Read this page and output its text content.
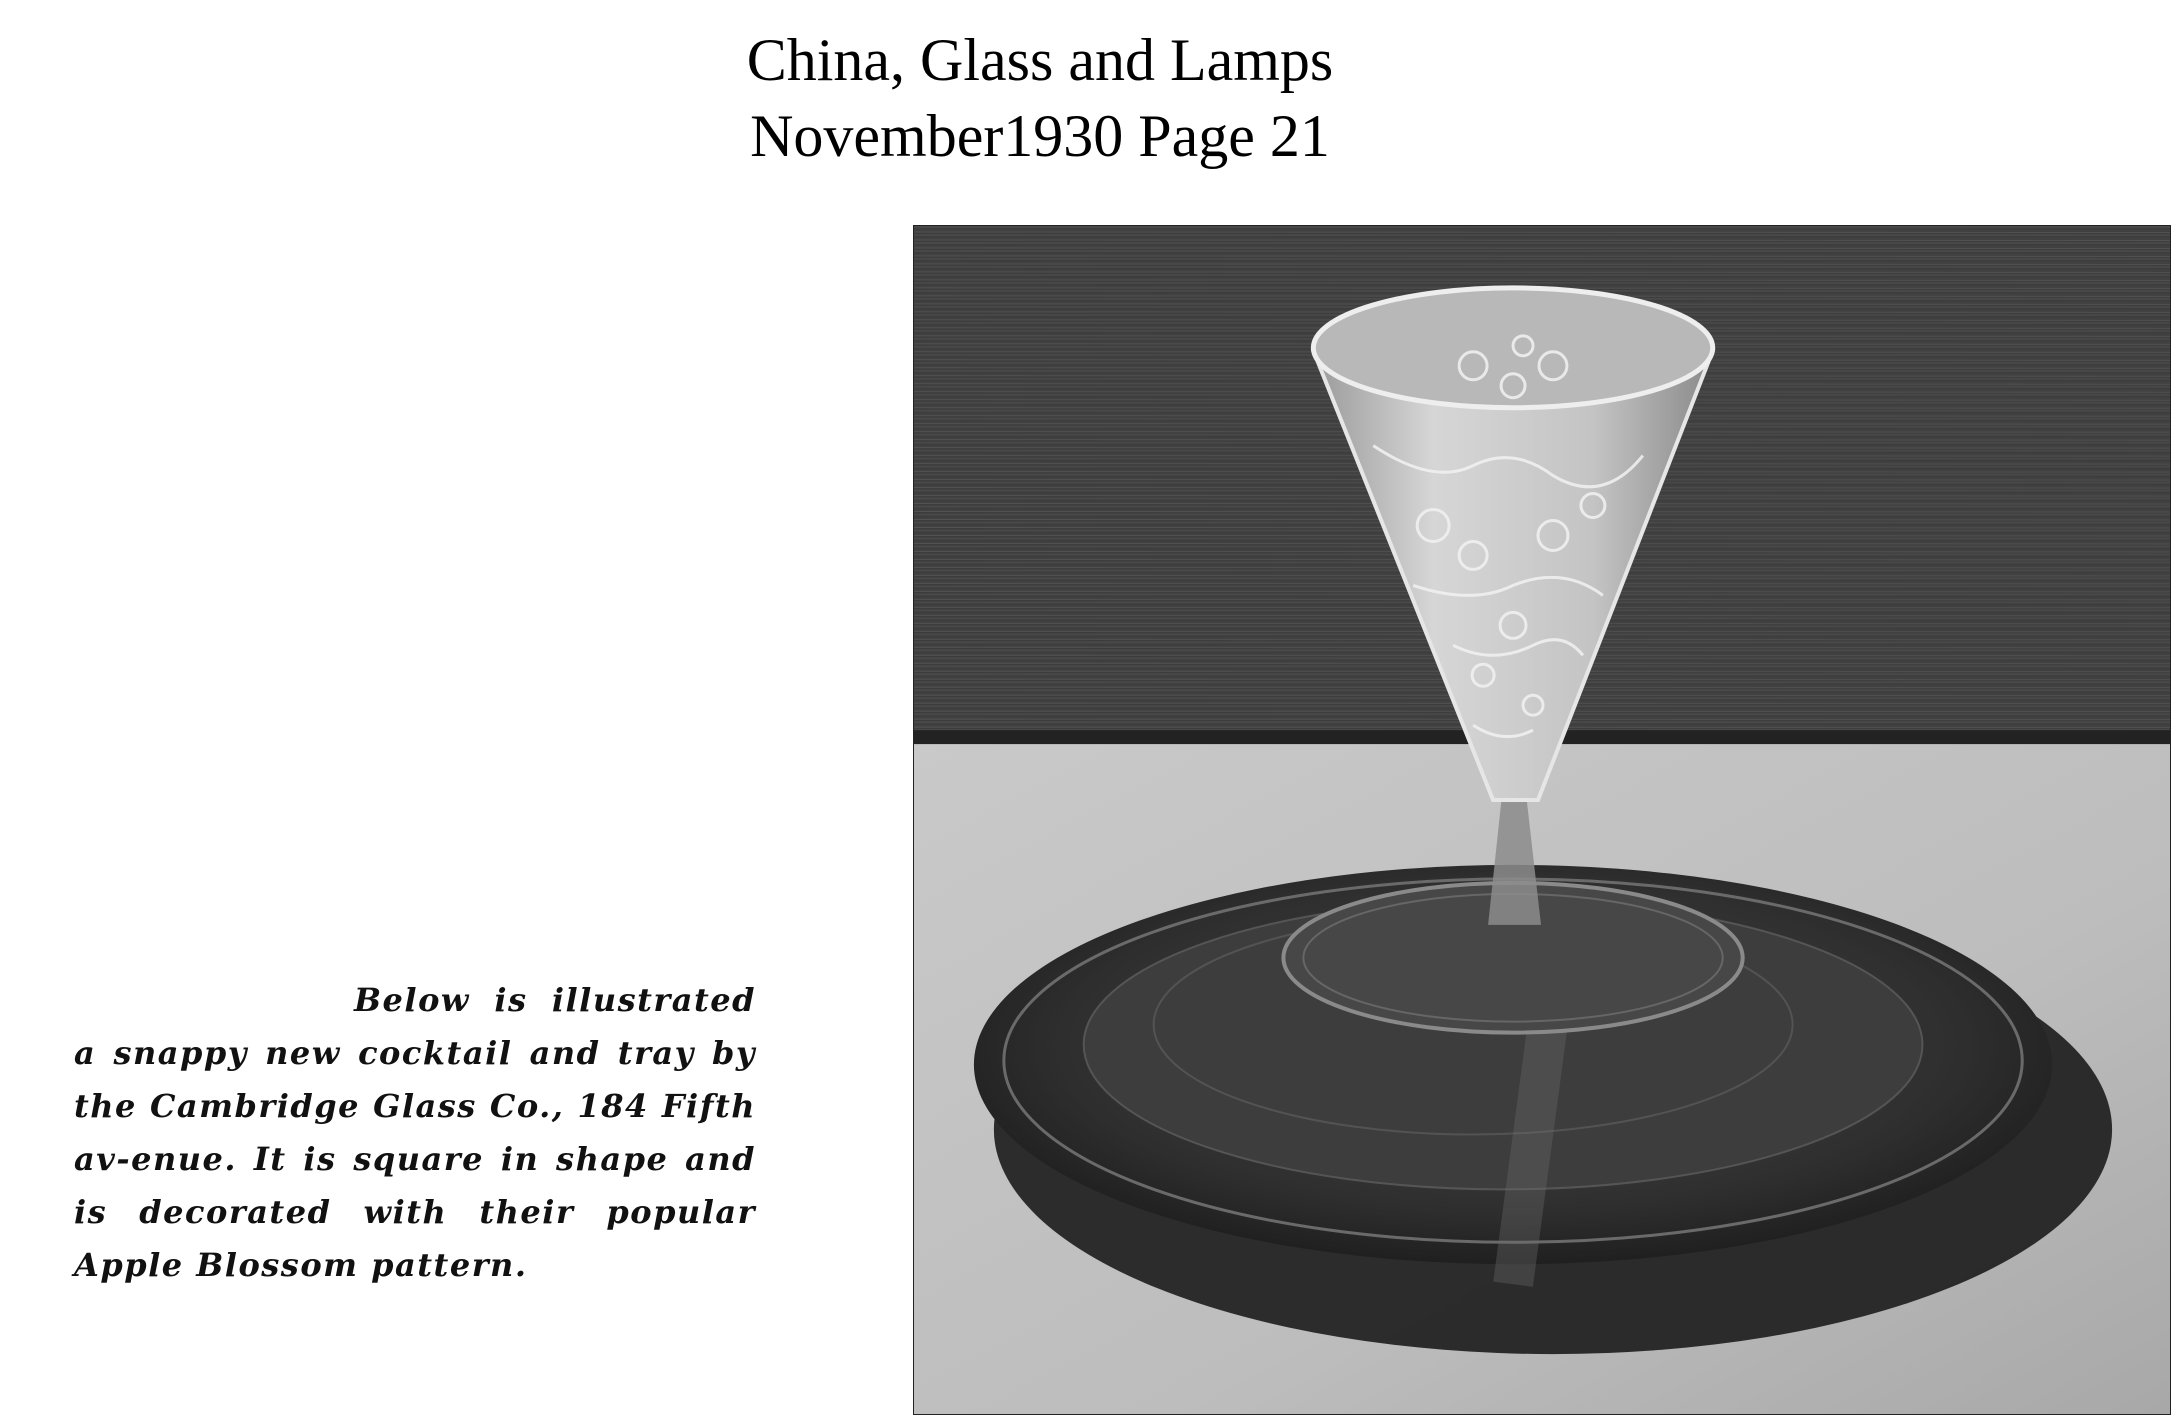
China, Glass and Lamps
November1930 Page 21
Below is illustrated a snappy new cocktail and tray by the Cambridge Glass Co., 184 Fifth av-enue. It is square in shape and is decorated with their popular Apple Blossom pattern.
